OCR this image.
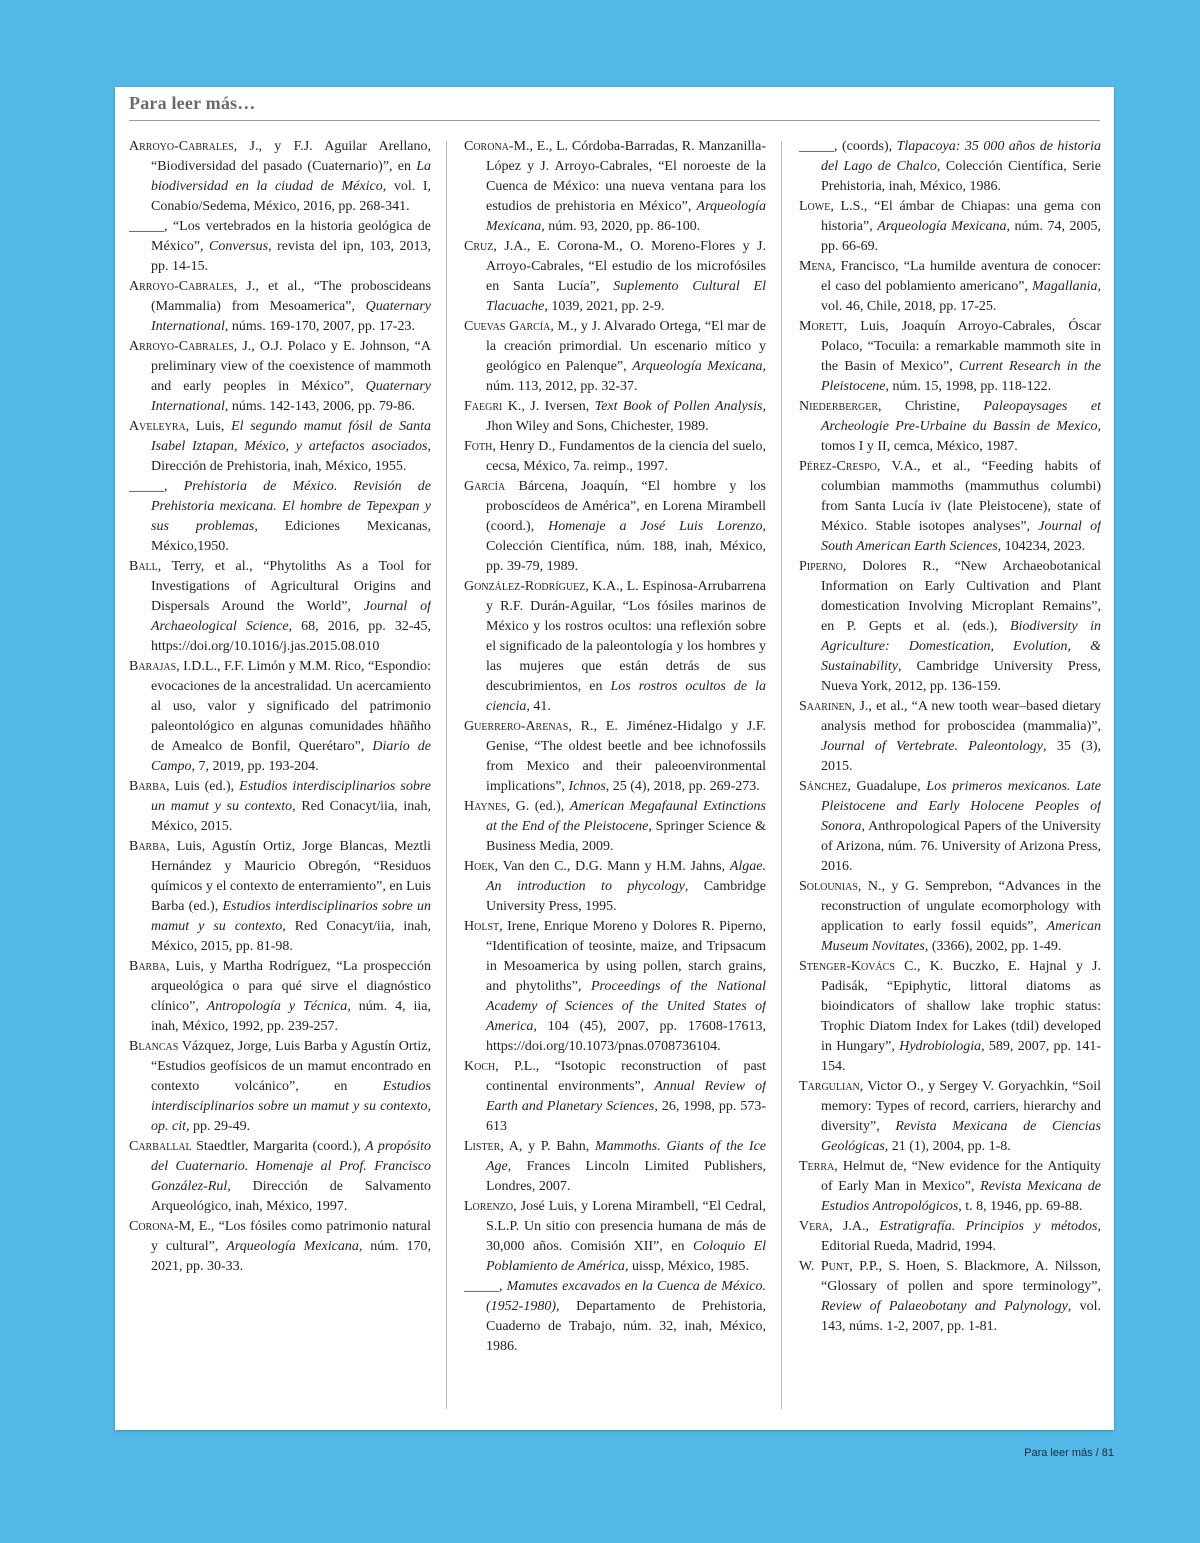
Para leer más…

Arroyo-Cabrales, J., y F.J. Aguilar Arellano, “Biodiversidad del pasado (Cuaternario)”, en La biodiversidad en la ciudad de México, vol. I, Conabio/Sedema, México, 2016, pp. 268-341.

_____, “Los vertebrados en la historia geológica de México”, Conversus, revista del ipn, 103, 2013, pp. 14-15.

Arroyo-Cabrales, J., et al., “The proboscideans (Mammalia) from Mesoamerica”, Quaternary International, núms. 169-170, 2007, pp. 17-23.

Arroyo-Cabrales, J., O.J. Polaco y E. Johnson, “A preliminary view of the coexistence of mammoth and early peoples in México”, Quaternary International, núms. 142-143, 2006, pp. 79-86.

Aveleyra, Luis, El segundo mamut fósil de Santa Isabel Iztapan, México, y artefactos asociados, Dirección de Prehistoria, inah, México, 1955.

_____, Prehistoria de México. Revisión de Prehistoria mexicana. El hombre de Tepexpan y sus problemas, Ediciones Mexicanas, México,1950.

Ball, Terry, et al., “Phytoliths As a Tool for Investigations of Agricultural Origins and Dispersals Around the World”, Journal of Archaeological Science, 68, 2016, pp. 32-45, https://doi.org/10.1016/j.jas.2015.08.010

Barajas, I.D.L., F.F. Limón y M.M. Rico, “Espondio: evocaciones de la ancestralidad. Un acercamiento al uso, valor y significado del patrimonio paleontológico en algunas comunidades hñäñho de Amealco de Bonfil, Querétaro”, Diario de Campo, 7, 2019, pp. 193-204.

Barba, Luis (ed.), Estudios interdisciplinarios sobre un mamut y su contexto, Red Conacyt/iia, inah, México, 2015.

Barba, Luis, Agustín Ortiz, Jorge Blancas, Meztli Hernández y Mauricio Obregón, “Residuos químicos y el contexto de enterramiento”, en Luis Barba (ed.), Estudios interdisciplinarios sobre un mamut y su contexto, Red Conacyt/iia, inah, México, 2015, pp. 81-98.

Barba, Luis, y Martha Rodríguez, “La prospección arqueológica o para qué sirve el diagnóstico clínico”, Antropología y Técnica, núm. 4, iia, inah, México, 1992, pp. 239-257.

Blancas Vázquez, Jorge, Luis Barba y Agustín Ortiz, “Estudios geofísicos de un mamut encontrado en contexto volcánico”, en Estudios interdisciplinarios sobre un mamut y su contexto, op. cit, pp. 29-49.

Carballal Staedtler, Margarita (coord.), A propósito del Cuaternario. Homenaje al Prof. Francisco González-Rul, Dirección de Salvamento Arqueológico, inah, México, 1997.

Corona-M, E., “Los fósiles como patrimonio natural y cultural”, Arqueología Mexicana, núm. 170, 2021, pp. 30-33.

Corona-M., E., L. Córdoba-Barradas, R. Manzanilla-López y J. Arroyo-Cabrales, “El noroeste de la Cuenca de México: una nueva ventana para los estudios de prehistoria en México”, Arqueología Mexicana, núm. 93, 2020, pp. 86-100.

Cruz, J.A., E. Corona-M., O. Moreno-Flores y J. Arroyo-Cabrales, “El estudio de los microfósiles en Santa Lucía”, Suplemento Cultural El Tlacuache, 1039, 2021, pp. 2-9.

Cuevas García, M., y J. Alvarado Ortega, “El mar de la creación primordial. Un escenario mítico y geológico en Palenque”, Arqueología Mexicana, núm. 113, 2012, pp. 32-37.

Faegri K., J. Iversen, Text Book of Pollen Analysis, Jhon Wiley and Sons, Chichester, 1989.

Foth, Henry D., Fundamentos de la ciencia del suelo, cecsa, México, 7a. reimp., 1997.

García Bárcena, Joaquín, “El hombre y los proboscídeos de América”, en Lorena Mirambell (coord.), Homenaje a José Luis Lorenzo, Colección Científica, núm. 188, inah, México, pp. 39-79, 1989.

González-Rodríguez, K.A., L. Espinosa-Arrubarrena y R.F. Durán-Aguilar, “Los fósiles marinos de México y los rostros ocultos: una reflexión sobre el significado de la paleontología y los hombres y las mujeres que están detrás de sus descubrimientos, en Los rostros ocultos de la ciencia, 41.

Guerrero-Arenas, R., E. Jiménez-Hidalgo y J.F. Genise, “The oldest beetle and bee ichnofossils from Mexico and their paleoenvironmental implications”, Ichnos, 25 (4), 2018, pp. 269-273.

Haynes, G. (ed.), American Megafaunal Extinctions at the End of the Pleistocene, Springer Science & Business Media, 2009.

Hoek, Van den C., D.G. Mann y H.M. Jahns, Algae. An introduction to phycology, Cambridge University Press, 1995.

Holst, Irene, Enrique Moreno y Dolores R. Piperno, “Identification of teosinte, maize, and Tripsacum in Mesoamerica by using pollen, starch grains, and phytoliths”, Proceedings of the National Academy of Sciences of the United States of America, 104 (45), 2007, pp. 17608-17613, https://doi.org/10.1073/pnas.0708736104.

Koch, P.L., “Isotopic reconstruction of past continental environments”, Annual Review of Earth and Planetary Sciences, 26, 1998, pp. 573-613

Lister, A, y P. Bahn, Mammoths. Giants of the Ice Age, Frances Lincoln Limited Publishers, Londres, 2007.

Lorenzo, José Luis, y Lorena Mirambell, “El Cedral, S.L.P. Un sitio con presencia humana de más de 30,000 años. Comisión XII”, en Coloquio El Poblamiento de América, uissp, México, 1985.

_____, Mamutes excavados en la Cuenca de México. (1952-1980), Departamento de Prehistoria, Cuaderno de Trabajo, núm. 32, inah, México, 1986.

_____, (coords), Tlapacoya: 35 000 años de historia del Lago de Chalco, Colección Científica, Serie Prehistoria, inah, México, 1986.

Lowe, L.S., “El ámbar de Chiapas: una gema con historia”, Arqueología Mexicana, núm. 74, 2005, pp. 66-69.

Mena, Francisco, “La humilde aventura de conocer: el caso del poblamiento americano”, Magallania, vol. 46, Chile, 2018, pp. 17-25.

Morett, Luis, Joaquín Arroyo-Cabrales, Óscar Polaco, “Tocuila: a remarkable mammoth site in the Basin of Mexico”, Current Research in the Pleistocene, núm. 15, 1998, pp. 118-122.

Niederberger, Christine, Paleopaysages et Archeologie Pre-Urbaine du Bassin de Mexico, tomos I y II, cemca, México, 1987.

Pérez-Crespo, V.A., et al., “Feeding habits of columbian mammoths (mammuthus columbi) from Santa Lucía iv (late Pleistocene), state of México. Stable isotopes analyses”, Journal of South American Earth Sciences, 104234, 2023.

Piperno, Dolores R., “New Archaeobotanical Information on Early Cultivation and Plant domestication Involving Microplant Remains”, en P. Gepts et al. (eds.), Biodiversity in Agriculture: Domestication, Evolution, & Sustainability, Cambridge University Press, Nueva York, 2012, pp. 136-159.

Saarinen, J., et al., “A new tooth wear–based dietary analysis method for proboscidea (mammalia)”, Journal of Vertebrate. Paleontology, 35 (3), 2015.

Sánchez, Guadalupe, Los primeros mexicanos. Late Pleistocene and Early Holocene Peoples of Sonora, Anthropological Papers of the University of Arizona, núm. 76. University of Arizona Press, 2016.

Solounias, N., y G. Semprebon, “Advances in the reconstruction of ungulate ecomorphology with application to early fossil equids”, American Museum Novitates, (3366), 2002, pp. 1-49.

Stenger-Kovács C., K. Buczko, E. Hajnal y J. Padisák, “Epiphytic, littoral diatoms as bioindicators of shallow lake trophic status: Trophic Diatom Index for Lakes (tdil) developed in Hungary”, Hydrobiologia, 589, 2007, pp. 141-154.

Targulian, Victor O., y Sergey V. Goryachkin, “Soil memory: Types of record, carriers, hierarchy and diversity”, Revista Mexicana de Ciencias Geológicas, 21 (1), 2004, pp. 1-8.

Terra, Helmut de, “New evidence for the Antiquity of Early Man in Mexico”, Revista Mexicana de Estudios Antropológicos, t. 8, 1946, pp. 69-88.

Vera, J.A., Estratigrafía. Principios y métodos, Editorial Rueda, Madrid, 1994.

W. Punt, P.P., S. Hoen, S. Blackmore, A. Nilsson, “Glossary of pollen and spore terminology”, Review of Palaeobotany and Palynology, vol. 143, núms. 1-2, 2007, pp. 1-81.

Para leer más / 81
